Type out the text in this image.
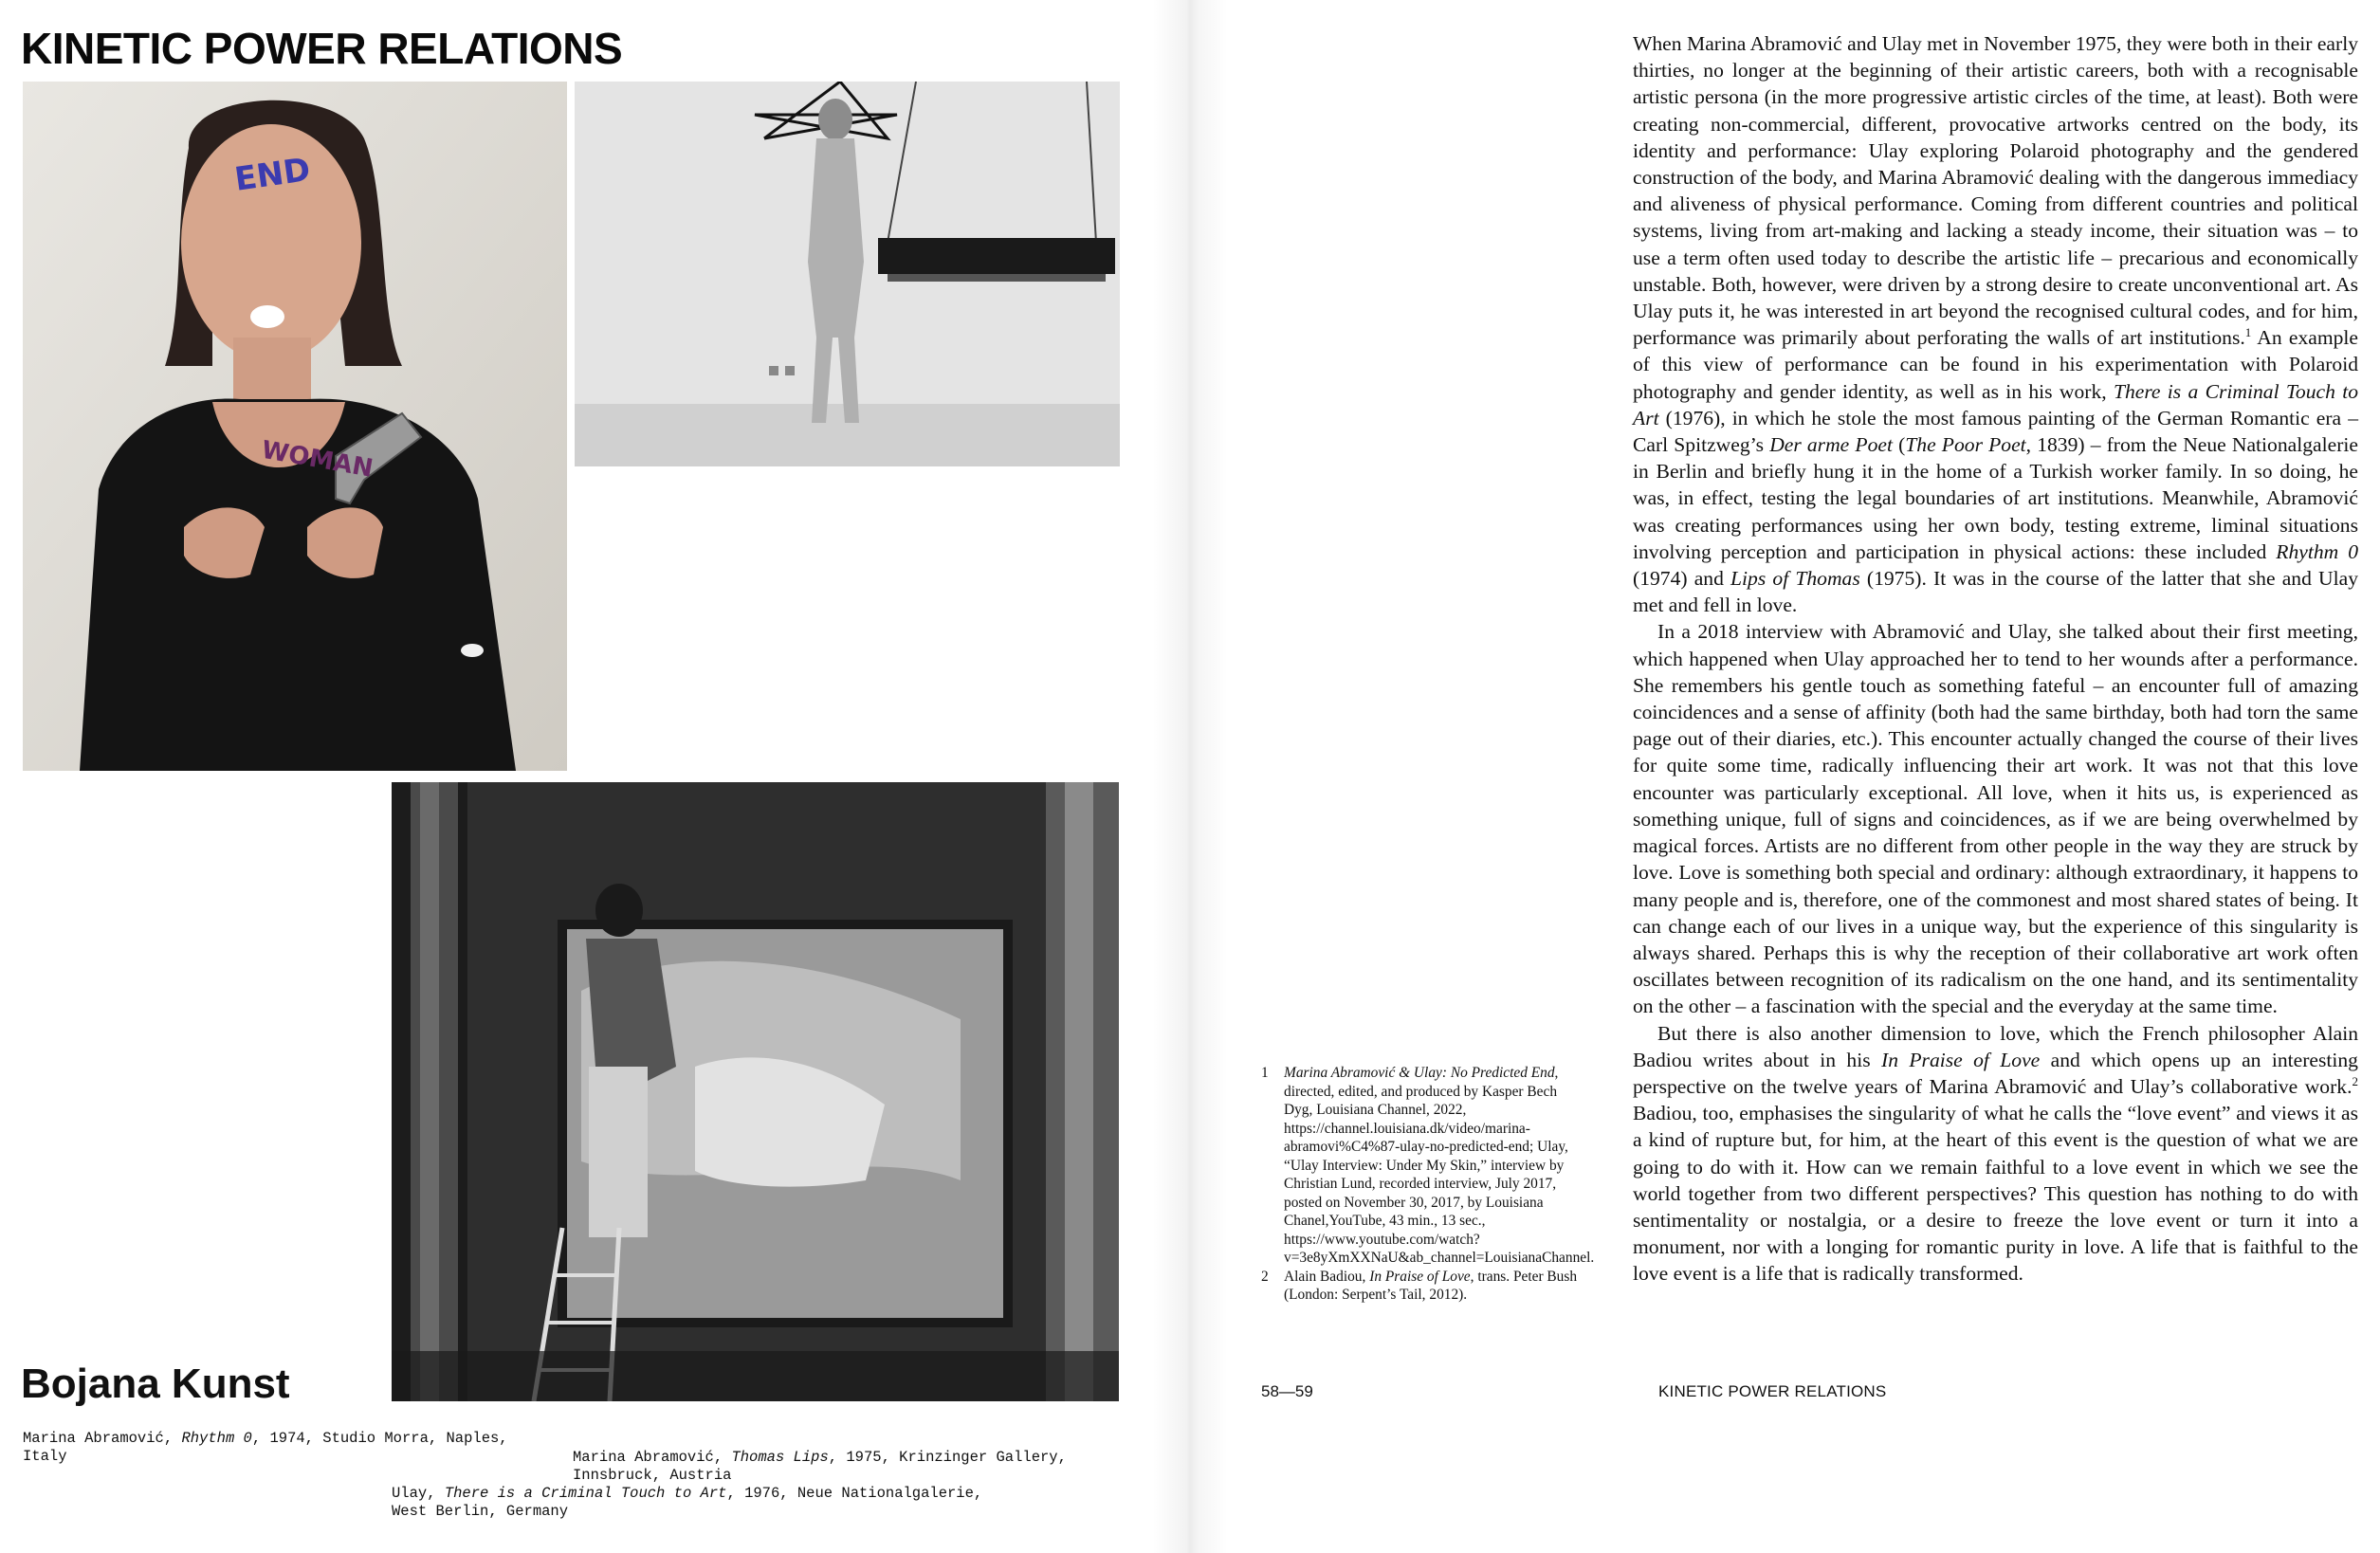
KINETIC POWER RELATIONS
END
WOMAN
Bojana Kunst

Marina Abramović, Rhythm 0, 1974, Studio Morra, Naples, Italy	Marina Abramović, Thomas Lips, 1975, Krinzinger Gallery, Innsbruck, Austria

Ulay, There is a Criminal Touch to Art, 1976, Neue Nationalgalerie, West Berlin, Germany

1 Marina Abramović & Ulay: No Predicted End, directed, edited, and produced by Kasper Bech Dyg, Louisiana Channel, 2022, https://channel.louisiana.dk/video/marina-abramovi%C4%87-ulay-no-predicted-end; Ulay, “Ulay Interview: Under My Skin,” interview by Christian Lund, recorded interview, July 2017, posted on November 30, 2017, by Louisiana Chanel,YouTube, 43 min., 13 sec., https://www.youtube.com/watch?v=3e8yXmXXNaU&ab_channel=LouisianaChannel.

2 Alain Badiou, In Praise of Love, trans. Peter Bush (London: Serpent’s Tail, 2012).

When Marina Abramović and Ulay met in November 1975, they were both in their early thirties, no longer at the beginning of their artistic careers, both with a recognisable artistic persona (in the more progressive artistic circles of the time, at least). Both were creating non-commercial, different, provocative artworks centred on the body, its identity and performance: Ulay exploring Polaroid photography and the gendered construction of the body, and Marina Abramović dealing with the dangerous immediacy and aliveness of physical performance. Coming from different countries and political systems, living from art-making and lacking a steady income, their situation was – to use a term often used today to describe the artistic life – precarious and economically unstable. Both, however, were driven by a strong desire to create unconventional art. As Ulay puts it, he was interested in art beyond the recognised cultural codes, and for him, performance was primarily about perforating the walls of art institutions.$^1$ An example of this view of performance can be found in his experimentation with Polaroid photography and gender identity, as well as in his work, There is a Criminal Touch to Art (1976), in which he stole the most famous painting of the German Romantic era – Carl Spitzweg’s Der arme Poet (The Poor Poet, 1839) – from the Neue Nationalgalerie in Berlin and briefly hung it in the home of a Turkish worker family. In so doing, he was, in effect, testing the legal boundaries of art institutions. Meanwhile, Abramović was creating performances using her own body, testing extreme, liminal situations involving perception and participation in physical actions: these included Rhythm 0 (1974) and Lips of Thomas (1975). It was in the course of the latter that she and Ulay met and fell in love.

In a 2018 interview with Abramović and Ulay, she talked about their first meeting, which happened when Ulay approached her to tend to her wounds after a performance. She remembers his gentle touch as something fateful – an encounter full of amazing coincidences and a sense of affinity (both had the same birthday, both had torn the same page out of their diaries, etc.). This encounter actually changed the course of their lives for quite some time, radically influencing their art work. It was not that this love encounter was particularly exceptional. All love, when it hits us, is experienced as something unique, full of signs and coincidences, as if we are being overwhelmed by magical forces. Artists are no different from other people in the way they are struck by love. Love is something both special and ordinary: although extraordinary, it happens to many people and is, therefore, one of the commonest and most shared states of being. It can change each of our lives in a unique way, but the experience of this singularity is always shared. Perhaps this is why the reception of their collaborative art work often oscillates between recognition of its radicalism on the one hand, and its sentimentality on the other – a fascination with the special and the everyday at the same time.

But there is also another dimension to love, which the French philosopher Alain Badiou writes about in his In Praise of Love and which opens up an interesting perspective on the twelve years of Marina Abramović and Ulay’s collaborative work.$^2$ Badiou, too, emphasises the singularity of what he calls the “love event” and views it as a kind of rupture but, for him, at the heart of this event is the question of what we are going to do with it. How can we remain faithful to a love event in which we see the world together from two different perspectives? This question has nothing to do with sentimentality or nostalgia, or a desire to freeze the love event or turn it into a monument, nor with a longing for romantic purity in love. A life that is faithful to the love event is a life that is radically transformed.

58—59	KINETIC POWER RELATIONS
